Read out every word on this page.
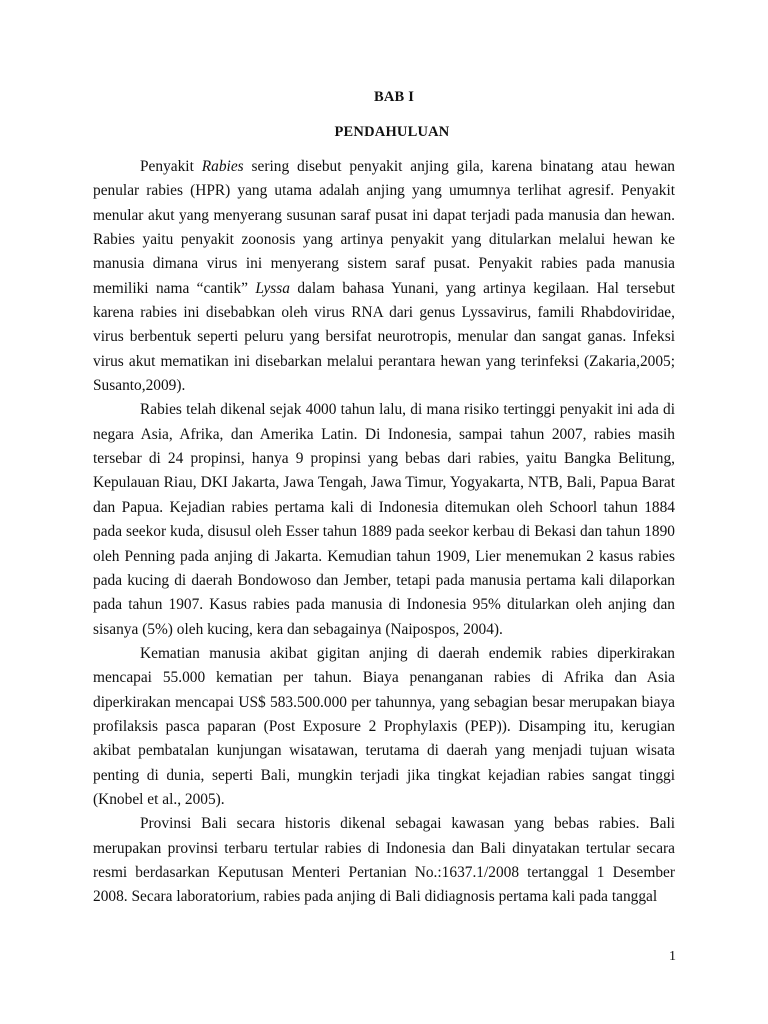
BAB I
PENDAHULUAN

Penyakit Rabies sering disebut penyakit anjing gila, karena binatang atau hewan penular rabies (HPR) yang utama adalah anjing yang umumnya terlihat agresif. Penyakit menular akut yang menyerang susunan saraf pusat ini dapat terjadi pada manusia dan hewan. Rabies yaitu penyakit zoonosis yang artinya penyakit yang ditularkan melalui hewan ke manusia dimana virus ini menyerang sistem saraf pusat. Penyakit rabies pada manusia memiliki nama “cantik” Lyssa dalam bahasa Yunani, yang artinya kegilaan. Hal tersebut karena rabies ini disebabkan oleh virus RNA dari genus Lyssavirus, famili Rhabdoviridae, virus berbentuk seperti peluru yang bersifat neurotropis, menular dan sangat ganas. Infeksi virus akut mematikan ini disebarkan melalui perantara hewan yang terinfeksi (Zakaria,2005; Susanto,2009).

Rabies telah dikenal sejak 4000 tahun lalu, di mana risiko tertinggi penyakit ini ada di negara Asia, Afrika, dan Amerika Latin. Di Indonesia, sampai tahun 2007, rabies masih tersebar di 24 propinsi, hanya 9 propinsi yang bebas dari rabies, yaitu Bangka Belitung, Kepulauan Riau, DKI Jakarta, Jawa Tengah, Jawa Timur, Yogyakarta, NTB, Bali, Papua Barat dan Papua. Kejadian rabies pertama kali di Indonesia ditemukan oleh Schoorl tahun 1884 pada seekor kuda, disusul oleh Esser tahun 1889 pada seekor kerbau di Bekasi dan tahun 1890 oleh Penning pada anjing di Jakarta. Kemudian tahun 1909, Lier menemukan 2 kasus rabies pada kucing di daerah Bondowoso dan Jember, tetapi pada manusia pertama kali dilaporkan pada tahun 1907. Kasus rabies pada manusia di Indonesia 95% ditularkan oleh anjing dan sisanya (5%) oleh kucing, kera dan sebagainya (Naipospos, 2004).

Kematian manusia akibat gigitan anjing di daerah endemik rabies diperkirakan mencapai 55.000 kematian per tahun. Biaya penanganan rabies di Afrika dan Asia diperkirakan mencapai US$ 583.500.000 per tahunnya, yang sebagian besar merupakan biaya profilaksis pasca paparan (Post Exposure 2 Prophylaxis (PEP)). Disamping itu, kerugian akibat pembatalan kunjungan wisatawan, terutama di daerah yang menjadi tujuan wisata penting di dunia, seperti Bali, mungkin terjadi jika tingkat kejadian rabies sangat tinggi (Knobel et al., 2005).

Provinsi Bali secara historis dikenal sebagai kawasan yang bebas rabies. Bali merupakan provinsi terbaru tertular rabies di Indonesia dan Bali dinyatakan tertular secara resmi berdasarkan Keputusan Menteri Pertanian No.:1637.1/2008 tertanggal 1 Desember 2008. Secara laboratorium, rabies pada anjing di Bali didiagnosis pertama kali pada tanggal

1
